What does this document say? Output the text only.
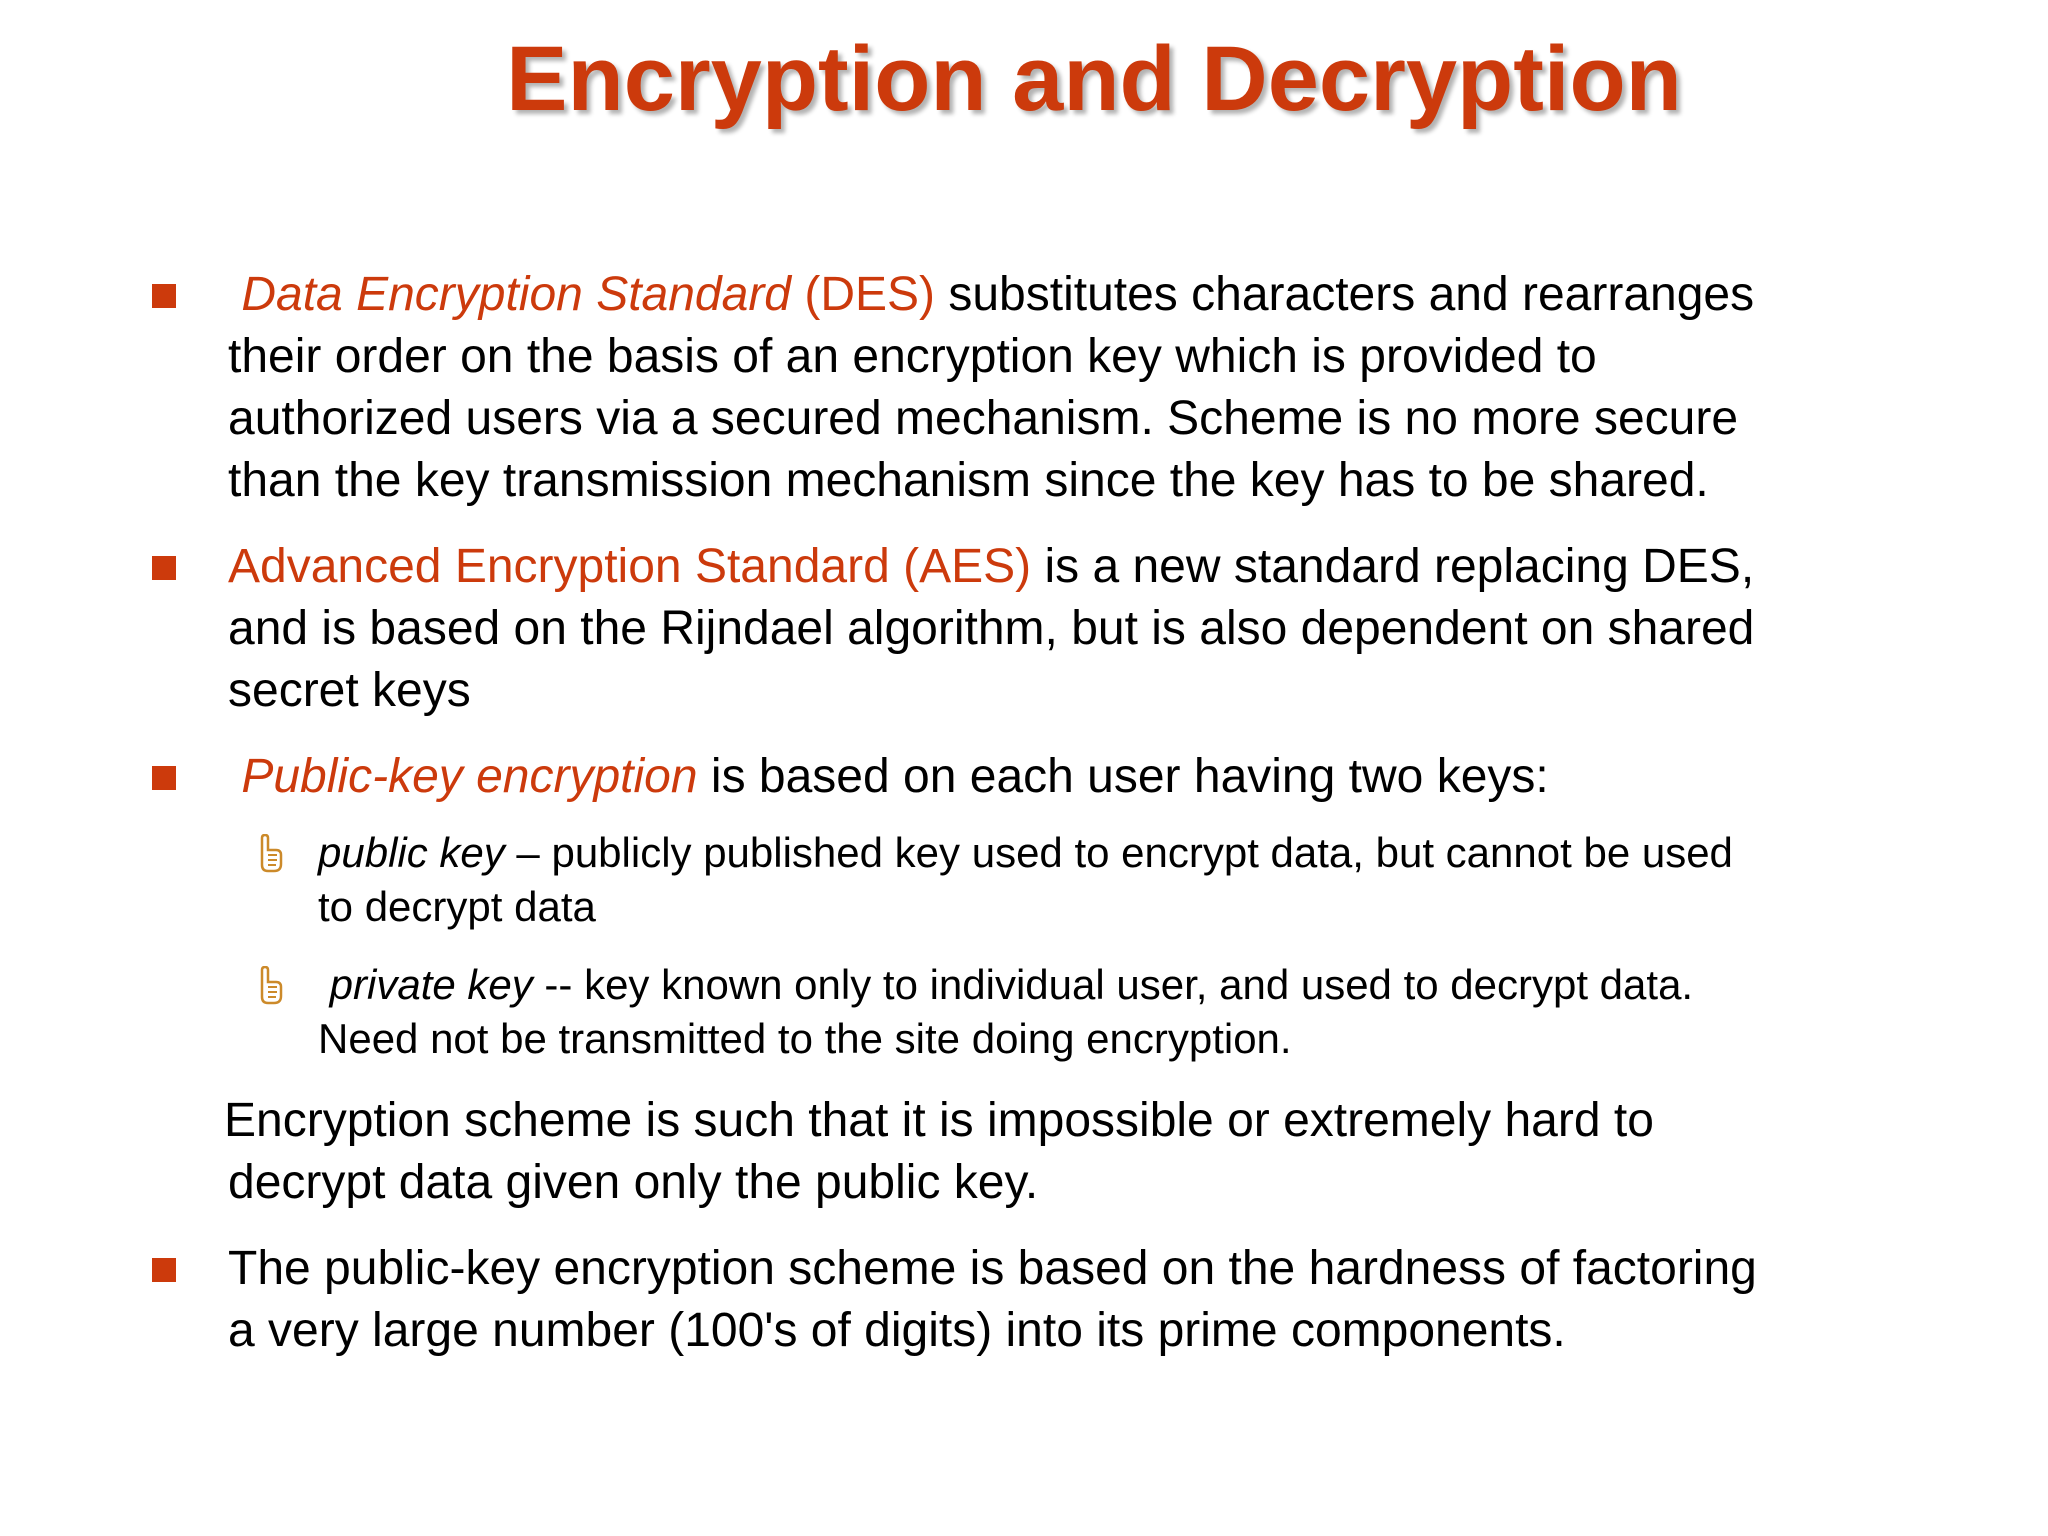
Encryption and Decryption
Data Encryption Standard (DES) substitutes characters and rearranges
their order on the basis of an encryption key which is provided to
authorized users via a secured mechanism. Scheme is no more secure
than the key transmission mechanism since the key has to be shared.
Advanced Encryption Standard (AES) is a new standard replacing DES,
and is based on the Rijndael algorithm, but is also dependent on shared
secret keys
Public-key encryption is based on each user having two keys:
public key – publicly published key used to encrypt data, but cannot be used
to decrypt data
private key -- key known only to individual user, and used to decrypt data.
Need not be transmitted to the site doing encryption.
Encryption scheme is such that it is impossible or extremely hard to
decrypt data given only the public key.
The public-key encryption scheme is based on the hardness of factoring
a very large number (100's of digits) into its prime components.
